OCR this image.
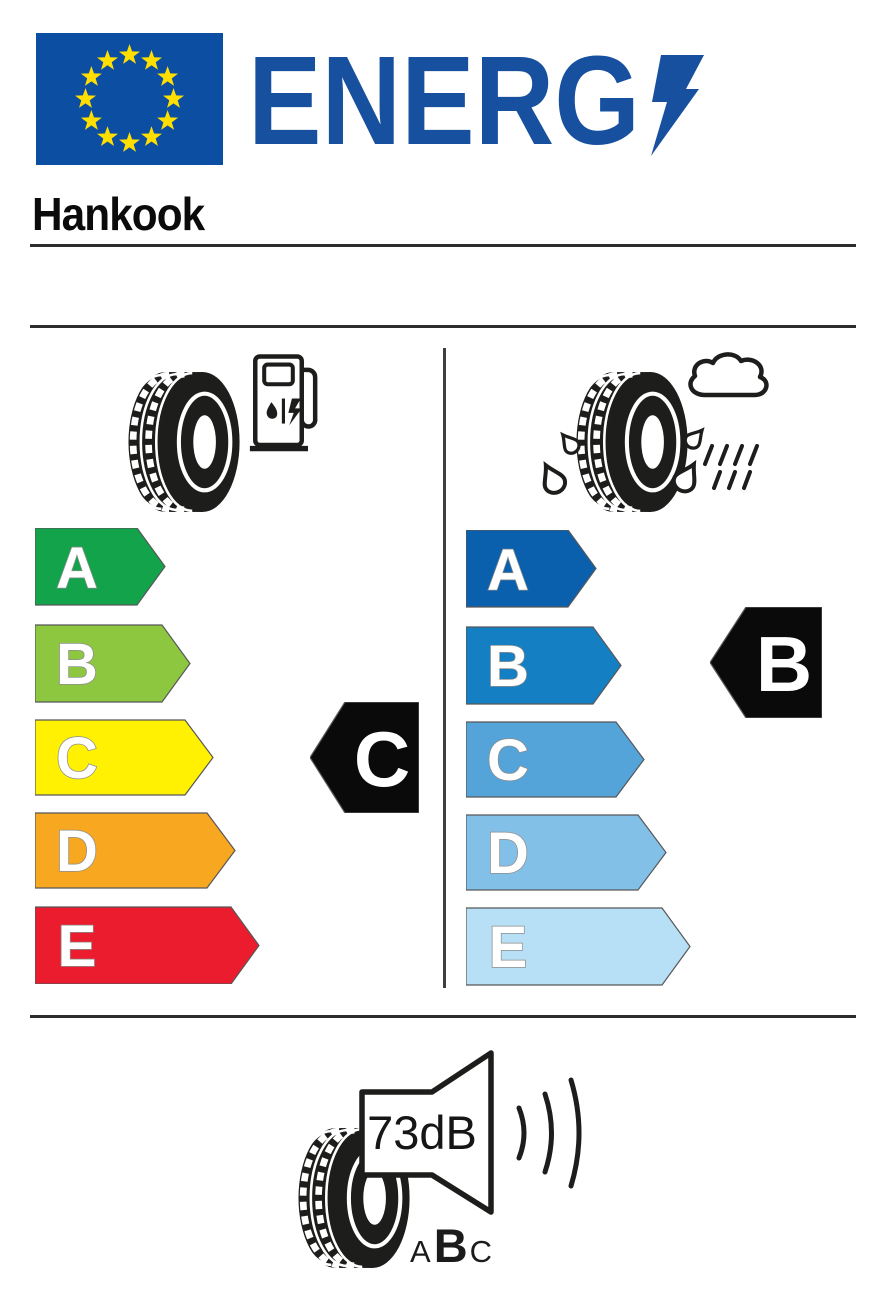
ENERG
Hankook
A
B
C
D
E
C
A
B
C
D
E
B
73dB
A B C
